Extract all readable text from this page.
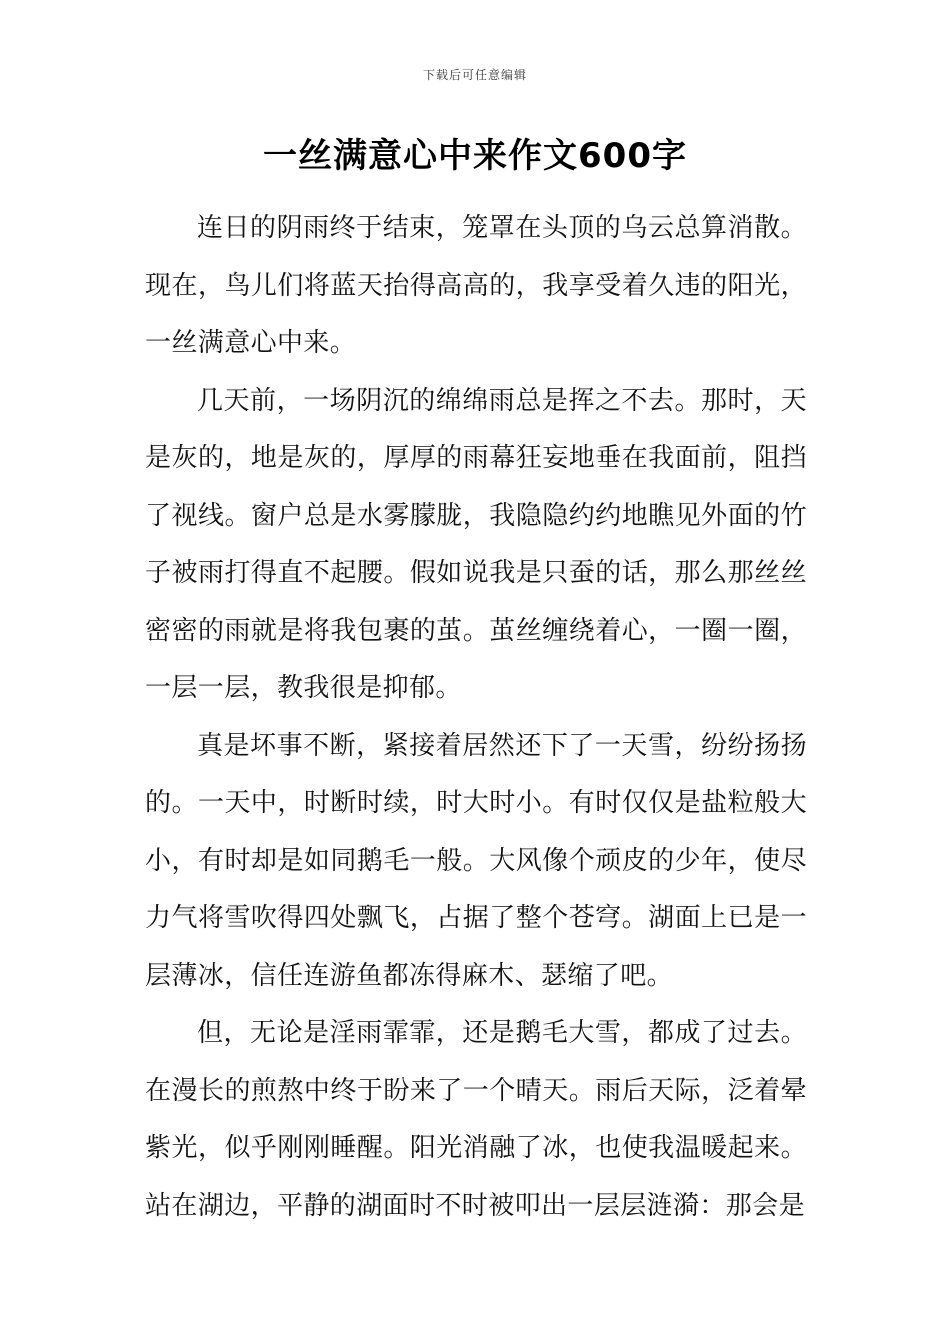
下载后可任意编辑
一丝满意心中来作文600字

连日的阴雨终于结束，笼罩在头顶的乌云总算消散。现在，鸟儿们将蓝天抬得高高的，我享受着久违的阳光，一丝满意心中来。

几天前，一场阴沉的绵绵雨总是挥之不去。那时，天是灰的，地是灰的，厚厚的雨幕狂妄地垂在我面前，阻挡了视线。窗户总是水雾朦胧，我隐隐约约地瞧见外面的竹子被雨打得直不起腰。假如说我是只蚕的话，那么那丝丝密密的雨就是将我包裹的茧。茧丝缠绕着心，一圈一圈，一层一层，教我很是抑郁。

真是坏事不断，紧接着居然还下了一天雪，纷纷扬扬的。一天中，时断时续，时大时小。有时仅仅是盐粒般大小，有时却是如同鹅毛一般。大风像个顽皮的少年，使尽力气将雪吹得四处飘飞，占据了整个苍穹。湖面上已是一层薄冰，信任连游鱼都冻得麻木、瑟缩了吧。

但，无论是淫雨霏霏，还是鹅毛大雪，都成了过去。在漫长的煎熬中终于盼来了一个晴天。雨后天际，泛着晕紫光，似乎刚刚睡醒。阳光消融了冰，也使我温暖起来。站在湖边，平静的湖面时不时被叩出一层层涟漪：那会是
